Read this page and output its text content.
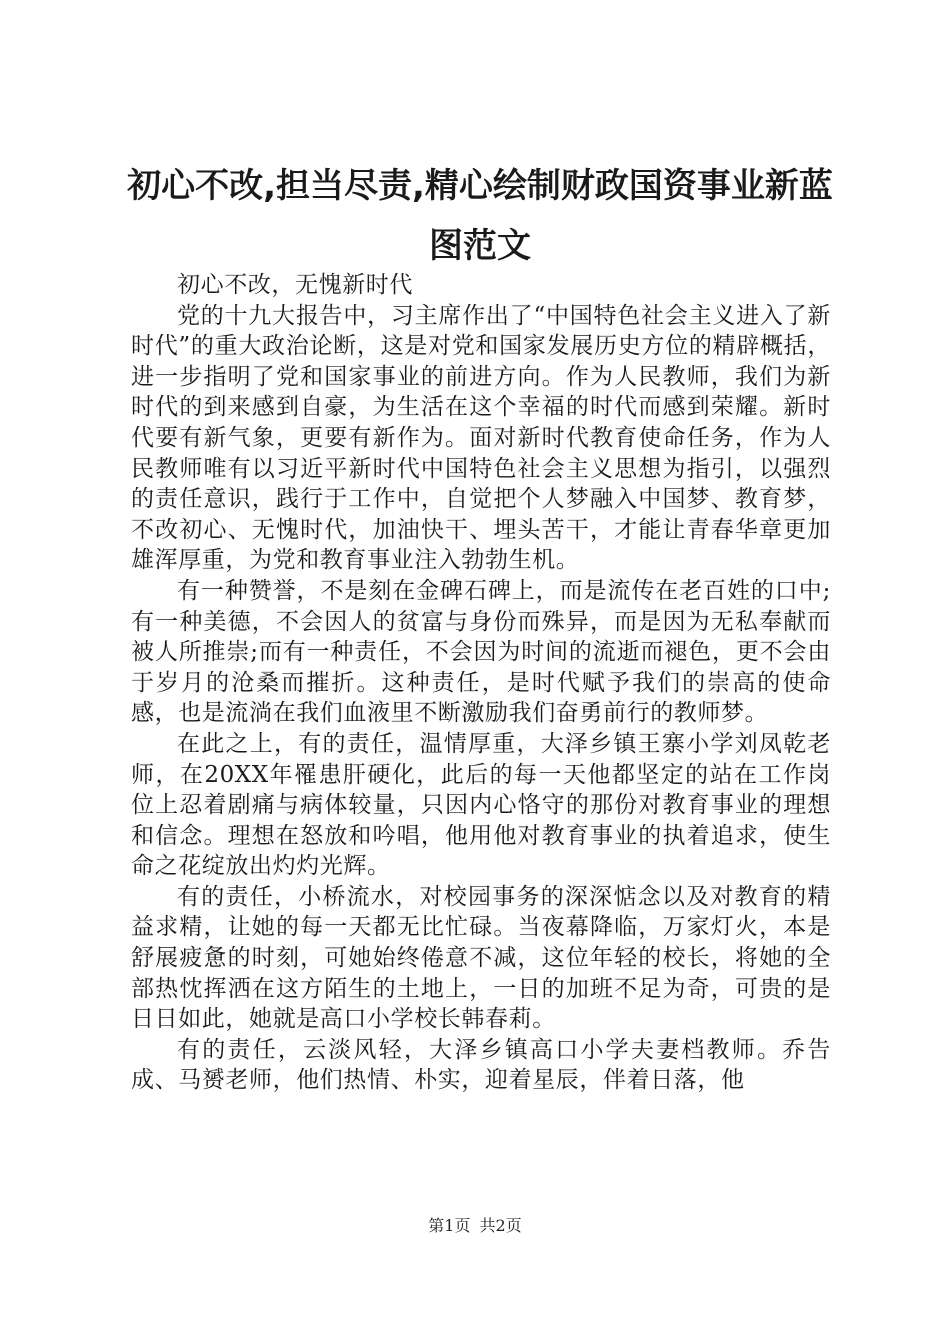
初心不改,担当尽责,精心绘制财政国资事业新蓝图范文

初心不改，无愧新时代

党的十九大报告中，习主席作出了“中国特色社会主义进入了新时代”的重大政治论断，这是对党和国家发展历史方位的精辟概括，进一步指明了党和国家事业的前进方向。作为人民教师，我们为新时代的到来感到自豪，为生活在这个幸福的时代而感到荣耀。新时代要有新气象，更要有新作为。面对新时代教育使命任务，作为人民教师唯有以习近平新时代中国特色社会主义思想为指引，以强烈的责任意识，践行于工作中，自觉把个人梦融入中国梦、教育梦，不改初心、无愧时代，加油快干、埋头苦干，才能让青春华章更加雄浑厚重，为党和教育事业注入勃勃生机。

有一种赞誉，不是刻在金碑石碑上，而是流传在老百姓的口中;有一种美德，不会因人的贫富与身份而殊异，而是因为无私奉献而被人所推崇;而有一种责任，不会因为时间的流逝而褪色，更不会由于岁月的沧桑而摧折。这种责任，是时代赋予我们的崇高的使命感，也是流淌在我们血液里不断激励我们奋勇前行的教师梦。

在此之上，有的责任，温情厚重，大泽乡镇王寨小学刘凤乾老师，在20XX年罹患肝硬化，此后的每一天他都坚定的站在工作岗位上忍着剧痛与病体较量，只因内心恪守的那份对教育事业的理想和信念。理想在怒放和吟唱，他用他对教育事业的执着追求，使生命之花绽放出灼灼光辉。

有的责任，小桥流水，对校园事务的深深惦念以及对教育的精益求精，让她的每一天都无比忙碌。当夜幕降临，万家灯火，本是舒展疲惫的时刻，可她始终倦意不减，这位年轻的校长，将她的全部热忱挥洒在这方陌生的土地上，一日的加班不足为奇，可贵的是日日如此，她就是高口小学校长韩春莉。

有的责任，云淡风轻，大泽乡镇高口小学夫妻档教师。乔告成、马赟老师，他们热情、朴实，迎着星辰，伴着日落，他

第1页 共2页
